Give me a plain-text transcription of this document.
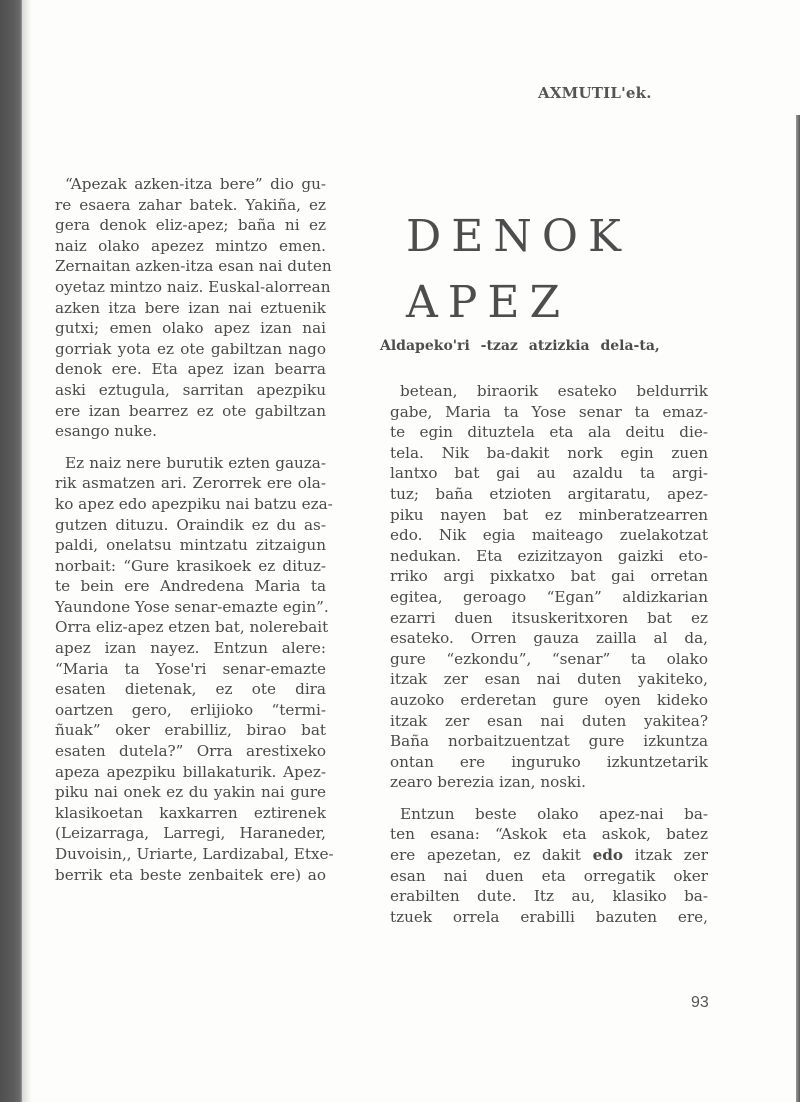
AXMUTIL'ek.
DENOK
APEZ
Aldapeko'ri -tzaz atzizkia dela-ta,

“Apezak azken-itza bere” dio gu-
re esaera zahar batek. Yakiña, ez
gera denok eliz-apez; baña ni ez
naiz olako apezez mintzo emen.
Zernaitan azken-itza esan nai duten
oyetaz mintzo naiz. Euskal-alorrean
azken itza bere izan nai eztuenik
gutxi; emen olako apez izan nai
gorriak yota ez ote gabiltzan nago
denok ere. Eta apez izan bearra
aski eztugula, sarritan apezpiku
ere izan bearrez ez ote gabiltzan
esango nuke.

Ez naiz nere burutik ezten gauza-
rik asmatzen ari. Zerorrek ere ola-
ko apez edo apezpiku nai batzu eza-
gutzen dituzu. Oraindik ez du as-
paldi, onelatsu mintzatu zitzaigun
norbait: “Gure krasikoek ez dituz-
te bein ere Andredena Maria ta
Yaundone Yose senar-emazte egin”.
Orra eliz-apez etzen bat, nolerebait
apez izan nayez. Entzun alere:
“Maria ta Yose'ri senar-emazte
esaten dietenak, ez ote dira
oartzen gero, erlijioko “termi-
ñuak” oker erabilliz, birao bat
esaten dutela?” Orra arestixeko
apeza apezpiku billakaturik. Apez-
piku nai onek ez du yakin nai gure
klasikoetan kaxkarren eztirenek
(Leizarraga, Larregi, Haraneder,
Duvoisin,, Uriarte, Lardizabal, Etxe-
berrik eta beste zenbaitek ere) ao

betean, biraorik esateko beldurrik
gabe, Maria ta Yose senar ta emaz-
te egin dituztela eta ala deitu die-
tela. Nik ba-dakit nork egin zuen
lantxo bat gai au azaldu ta argi-
tuz; baña etzioten argitaratu, apez-
piku nayen bat ez minberatzearren
edo. Nik egia maiteago zuelakotzat
nedukan. Eta ezizitzayon gaizki eto-
rriko argi pixkatxo bat gai orretan
egitea, geroago “Egan” aldizkarian
ezarri duen itsuskeritxoren bat ez
esateko. Orren gauza zailla al da,
gure “ezkondu”, “senar” ta olako
itzak zer esan nai duten yakiteko,
auzoko erderetan gure oyen kideko
itzak zer esan nai duten yakitea?
Baña norbaitzuentzat gure izkuntza
ontan ere inguruko izkuntzetarik
zearo berezia izan, noski.

Entzun beste olako apez-nai ba-
ten esana: “Askok eta askok, batez
ere apezetan, ez dakit edo itzak zer
esan nai duen eta orregatik oker
erabilten dute. Itz au, klasiko ba-
tzuek orrela erabilli bazuten ere,

93
